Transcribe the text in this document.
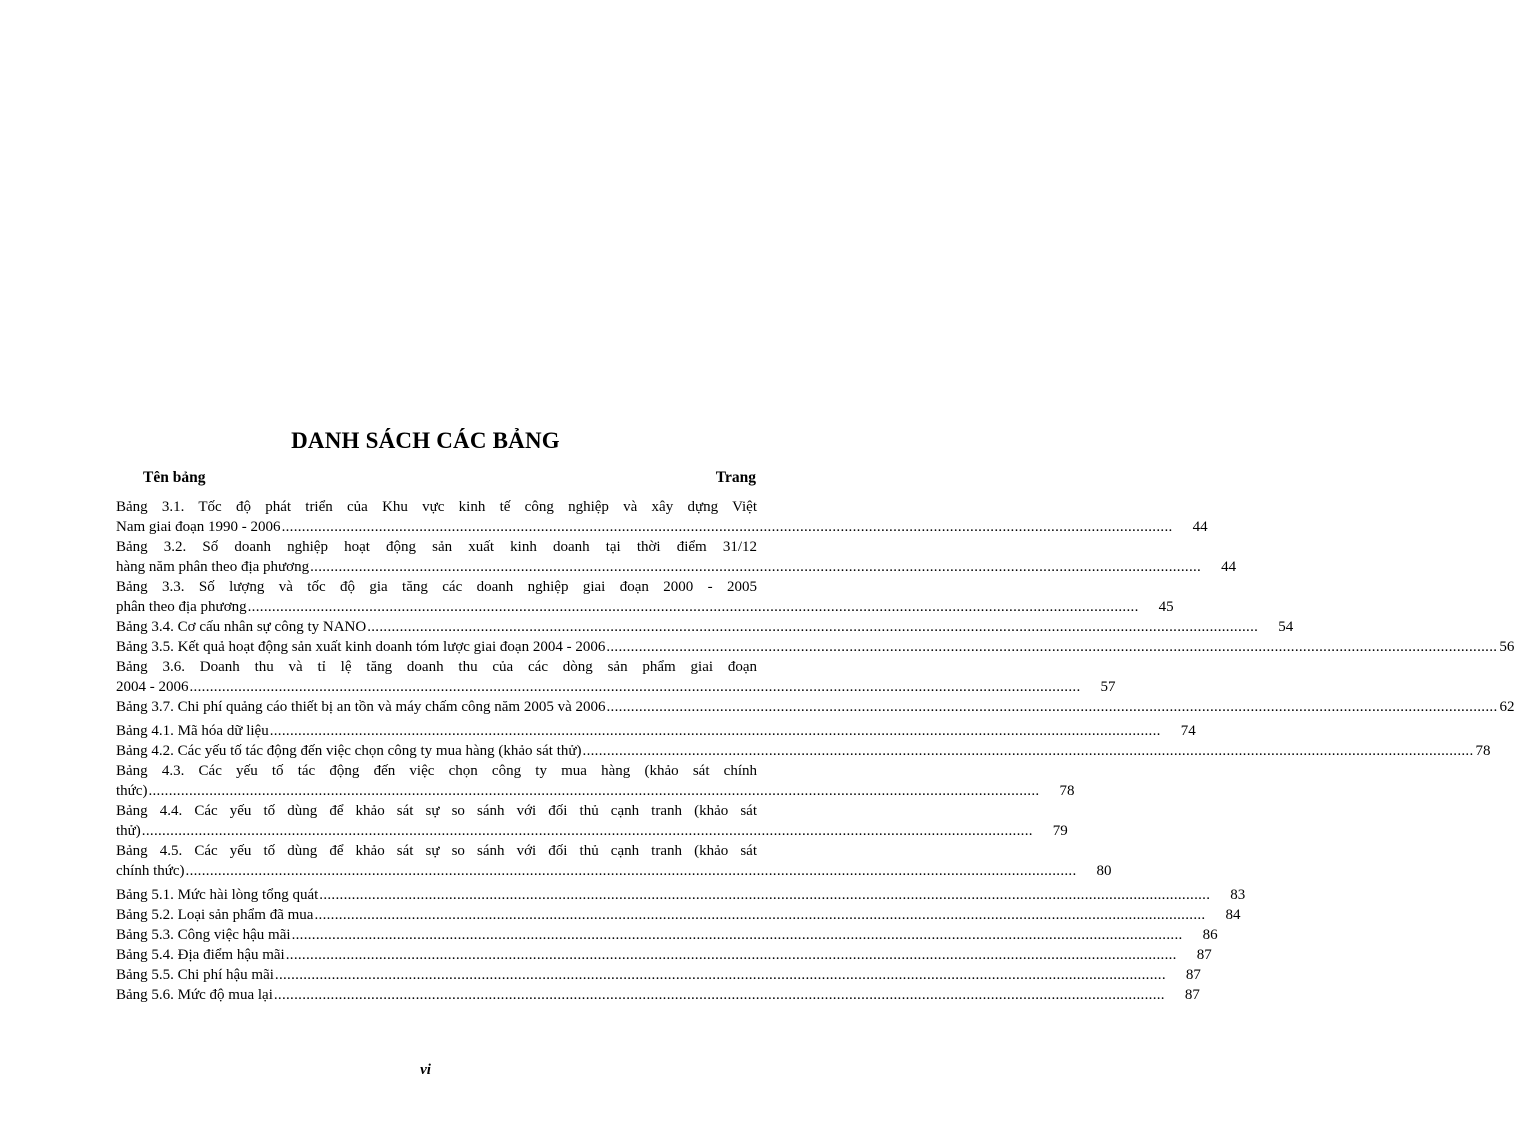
DANH SÁCH CÁC BẢNG
Tên bảng	Trang
Bảng 3.1. Tốc độ phát triển của Khu vực kinh tế công nghiệp và xây dựng Việt
Nam giai đoạn 1990 - 2006 ............................................................................................................................................................................................................................	44
Bảng 3.2. Số doanh nghiệp hoạt động sản xuất kinh doanh tại thời điểm 31/12
hàng năm phân theo địa phương ............................................................................................................................................................................................................................	44
Bảng 3.3. Số lượng và tốc độ gia tăng các doanh nghiệp giai đoạn 2000 - 2005
phân theo địa phương ............................................................................................................................................................................................................................	45
Bảng 3.4. Cơ cấu nhân sự công ty NANO ............................................................................................................................................................................................................................	54
Bảng 3.5. Kết quả hoạt động sản xuất kinh doanh tóm lược giai đoạn 2004 - 2006 ............................................................................................................................................................................................................................ 56
Bảng 3.6. Doanh thu và tỉ lệ tăng doanh thu của các dòng sản phẩm giai đoạn
2004 - 2006 ............................................................................................................................................................................................................................	57
Bảng 3.7. Chi phí quảng cáo thiết bị an tồn và máy chấm công năm 2005 và 2006 ............................................................................................................................................................................................................................ 62
Bảng 4.1. Mã hóa dữ liệu ............................................................................................................................................................................................................................	74
Bảng 4.2. Các yếu tố tác động đến việc chọn công ty mua hàng (khảo sát thử) ............................................................................................................................................................................................................................ 78
Bảng 4.3. Các yếu tố tác động đến việc chọn công ty mua hàng (khảo sát chính
thức) ............................................................................................................................................................................................................................	78
Bảng 4.4. Các yếu tố dùng để khảo sát sự so sánh với đối thủ cạnh tranh (khảo sát
thử) ............................................................................................................................................................................................................................	79
Bảng 4.5. Các yếu tố dùng để khảo sát sự so sánh với đối thủ cạnh tranh (khảo sát
chính thức) ............................................................................................................................................................................................................................	80
Bảng 5.1. Mức hài lòng tổng quát ............................................................................................................................................................................................................................	83
Bảng 5.2. Loại sản phẩm đã mua ............................................................................................................................................................................................................................	84
Bảng 5.3. Công việc hậu mãi ............................................................................................................................................................................................................................	86
Bảng 5.4. Địa điểm hậu mãi ............................................................................................................................................................................................................................	87
Bảng 5.5. Chi phí hậu mãi ............................................................................................................................................................................................................................	87
Bảng 5.6. Mức độ mua lại ............................................................................................................................................................................................................................	87
vi
